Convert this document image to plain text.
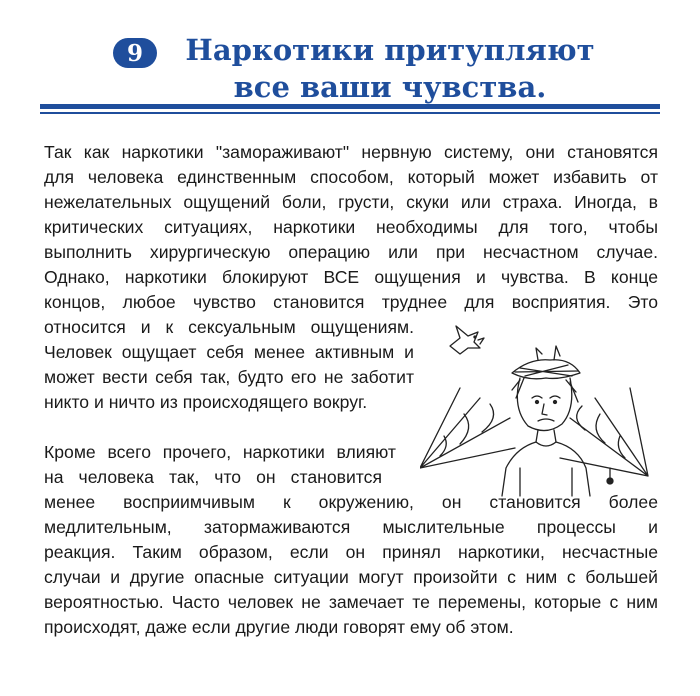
9	Наркотики притупляют
все ваши чувства.
Так как наркотики "замораживают" нервную систему, они становятся
для человека единственным способом, который может избавить от
нежелательных ощущений боли, грусти, скуки или страха. Иногда, в
критических ситуациях, наркотики необходимы для того, чтобы
выполнить хирургическую операцию или при несчастном случае.
Однако, наркотики блокируют ВСЕ ощущения и чувства. В конце
концов, любое чувство становится труднее для восприятия. Это
относится и к сексуальным ощущениям.
Человек ощущает себя менее активным и
может вести себя так, будто его не заботит
никто и ничто из происходящего вокруг.
Кроме всего прочего, наркотики влияют
на человека так, что он становится
менее восприимчивым к окружению, он становится более
медлительным, затормаживаются мыслительные процессы и
реакция. Таким образом, если он принял наркотики, несчастные
случаи и другие опасные ситуации могут произойти с ним с большей
вероятностью. Часто человек не замечает те перемены, которые с ним
происходят, даже если другие люди говорят ему об этом.
